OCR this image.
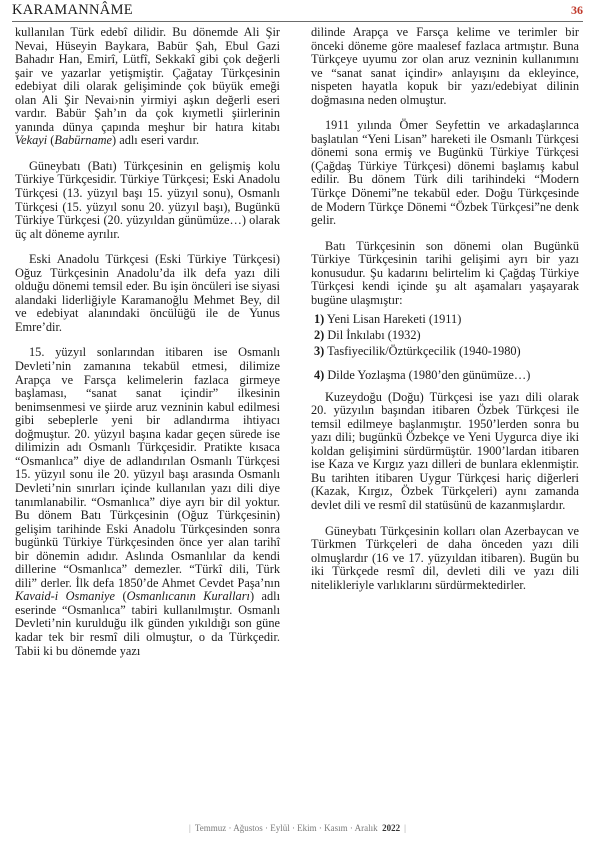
KARAMANNÂME	36

kullanılan Türk edebî dilidir. Bu dönemde Ali Şir Nevai, Hüseyin Baykara, Babür Şah, Ebul Gazi Bahadır Han, Emirî, Lütfî, Sekkakî gibi çok değerli şair ve yazarlar yetişmiştir. Çağatay Türkçesinin edebiyat dili olarak gelişiminde çok büyük emeği olan Ali Şir Nevai›nin yirmiyi aşkın değerli eseri vardır. Babür Şah’ın da çok kıymetli şiirlerinin yanında dünya çapında meşhur bir hatıra kitabı Vekayi (Babürname) adlı eseri vardır.

Güneybatı (Batı) Türkçesinin en gelişmiş kolu Türkiye Türkçesidir. Türkiye Türkçesi; Eski Anadolu Türkçesi (13. yüzyıl başı 15. yüzyıl sonu), Osmanlı Türkçesi (15. yüzyıl sonu 20. yüzyıl başı), Bugünkü Türkiye Türkçesi (20. yüzyıldan günümüze…) olarak üç alt döneme ayrılır.

Eski Anadolu Türkçesi (Eski Türkiye Türkçesi) Oğuz Türkçesinin Anadolu’da ilk defa yazı dili olduğu dönemi temsil eder. Bu işin öncüleri ise siyasi alandaki liderliğiyle Karamanoğlu Mehmet Bey, dil ve edebiyat alanındaki öncülüğü ile de Yunus Emre’dir.

15. yüzyıl sonlarından itibaren ise Osmanlı Devleti’nin zamanına tekabül etmesi, dilimize Arapça ve Farsça kelimelerin fazlaca girmeye başlaması, “sanat sanat içindir” ilkesinin benimsenmesi ve şiirde aruz vezninin kabul edilmesi gibi sebeplerle yeni bir adlandırma ihtiyacı doğmuştur. 20. yüzyıl başına kadar geçen sürede ise dilimizin adı Osmanlı Türkçesidir. Pratikte kısaca “Osmanlıca” diye de adlandırılan Osmanlı Türkçesi 15. yüzyıl sonu ile 20. yüzyıl başı arasında Osmanlı Devleti’nin sınırları içinde kullanılan yazı dili diye tanımlanabilir. “Osmanlıca” diye ayrı bir dil yoktur. Bu dönem Batı Türkçesinin (Oğuz Türkçesinin) gelişim tarihinde Eski Anadolu Türkçesinden sonra bugünkü Türkiye Türkçesinden önce yer alan tarihî bir dönemin adıdır. Aslında Osmanlılar da kendi dillerine “Osmanlıca” demezler. “Türkî dili, Türk dili” derler. İlk defa 1850’de Ahmet Cevdet Paşa’nın Kavaid-i Osmaniye (Osmanlıcanın Kuralları) adlı eserinde “Osmanlıca” tabiri kullanılmıştır. Osmanlı Devleti’nin kurulduğu ilk günden yıkıldığı son güne kadar tek bir resmî dili olmuştur, o da Türkçedir. Tabii ki bu dönemde yazı

dilinde Arapça ve Farsça kelime ve terimler bir önceki döneme göre maalesef fazlaca artmıştır. Buna Türkçeye uyumu zor olan aruz vezninin kullanımını ve “sanat sanat içindir» anlayışını da ekleyince, nispeten hayatla kopuk bir yazı/edebiyat dilinin doğmasına neden olmuştur.

1911 yılında Ömer Seyfettin ve arkadaşlarınca başlatılan “Yeni Lisan” hareketi ile Osmanlı Türkçesi dönemi sona ermiş ve Bugünkü Türkiye Türkçesi (Çağdaş Türkiye Türkçesi) dönemi başlamış kabul edilir. Bu dönem Türk dili tarihindeki “Modern Türkçe Dönemi”ne tekabül eder. Doğu Türkçesinde de Modern Türkçe Dönemi “Özbek Türkçesi”ne denk gelir.

Batı Türkçesinin son dönemi olan Bugünkü Türkiye Türkçesinin tarihi gelişimi ayrı bir yazı konusudur. Şu kadarını belirtelim ki Çağdaş Türkiye Türkçesi kendi içinde şu alt aşamaları yaşayarak bugüne ulaşmıştır:

1) Yeni Lisan Hareketi (1911)
2) Dil İnkılabı (1932)
3) Tasfiyecilik/Öztürkçecilik (1940-1980)
4) Dilde Yozlaşma (1980’den günümüze…)

Kuzeydoğu (Doğu) Türkçesi ise yazı dili olarak 20. yüzyılın başından itibaren Özbek Türkçesi ile temsil edilmeye başlanmıştır. 1950’lerden sonra bu yazı dili; bugünkü Özbekçe ve Yeni Uygurca diye iki koldan gelişimini sürdürmüştür. 1900’lardan itibaren ise Kaza ve Kırgız yazı dilleri de bunlara eklenmiştir. Bu tarihten itibaren Uygur Türkçesi hariç diğerleri (Kazak, Kırgız, Özbek Türkçeleri) aynı zamanda devlet dili ve resmî dil statüsünü de kazanmışlardır.

Güneybatı Türkçesinin kolları olan Azerbaycan ve Türkmen Türkçeleri de daha önceden yazı dili olmuşlardır (16 ve 17. yüzyıldan itibaren). Bugün bu iki Türkçede resmî dil, devleti dili ve yazı dili nitelikleriyle varlıklarını sürdürmektedirler.

| Temmuz · Ağustos · Eylül · Ekim · Kasım · Aralık 2022 |
